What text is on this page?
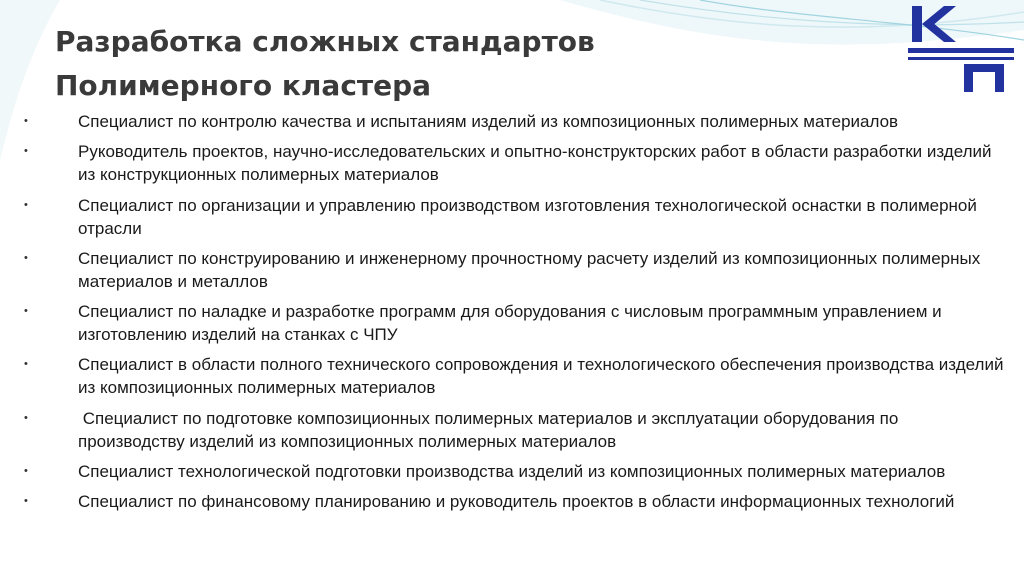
Разработка сложных стандартов
Полимерного кластера
•	Специалист по контролю качества и испытаниям изделий из композиционных полимерных материалов
•	Руководитель проектов, научно-исследовательских и опытно-конструкторских работ в области разработки изделий из конструкционных полимерных материалов
•	Специалист по организации и управлению производством изготовления технологической оснастки в полимерной отрасли
•	Специалист по конструированию и инженерному прочностному расчету изделий из композиционных полимерных материалов и металлов
•	Специалист по наладке и разработке программ для оборудования с числовым программным управлением и изготовлению изделий на станках с ЧПУ
•	Специалист в области полного технического сопровождения и технологического обеспечения производства изделий из композиционных полимерных материалов
•	Специалист по подготовке композиционных полимерных материалов и эксплуатации оборудования по производству изделий из композиционных полимерных материалов
•	Специалист технологической подготовки производства изделий из композиционных полимерных материалов
•	Специалист по финансовому планированию и руководитель проектов в области информационных технологий
